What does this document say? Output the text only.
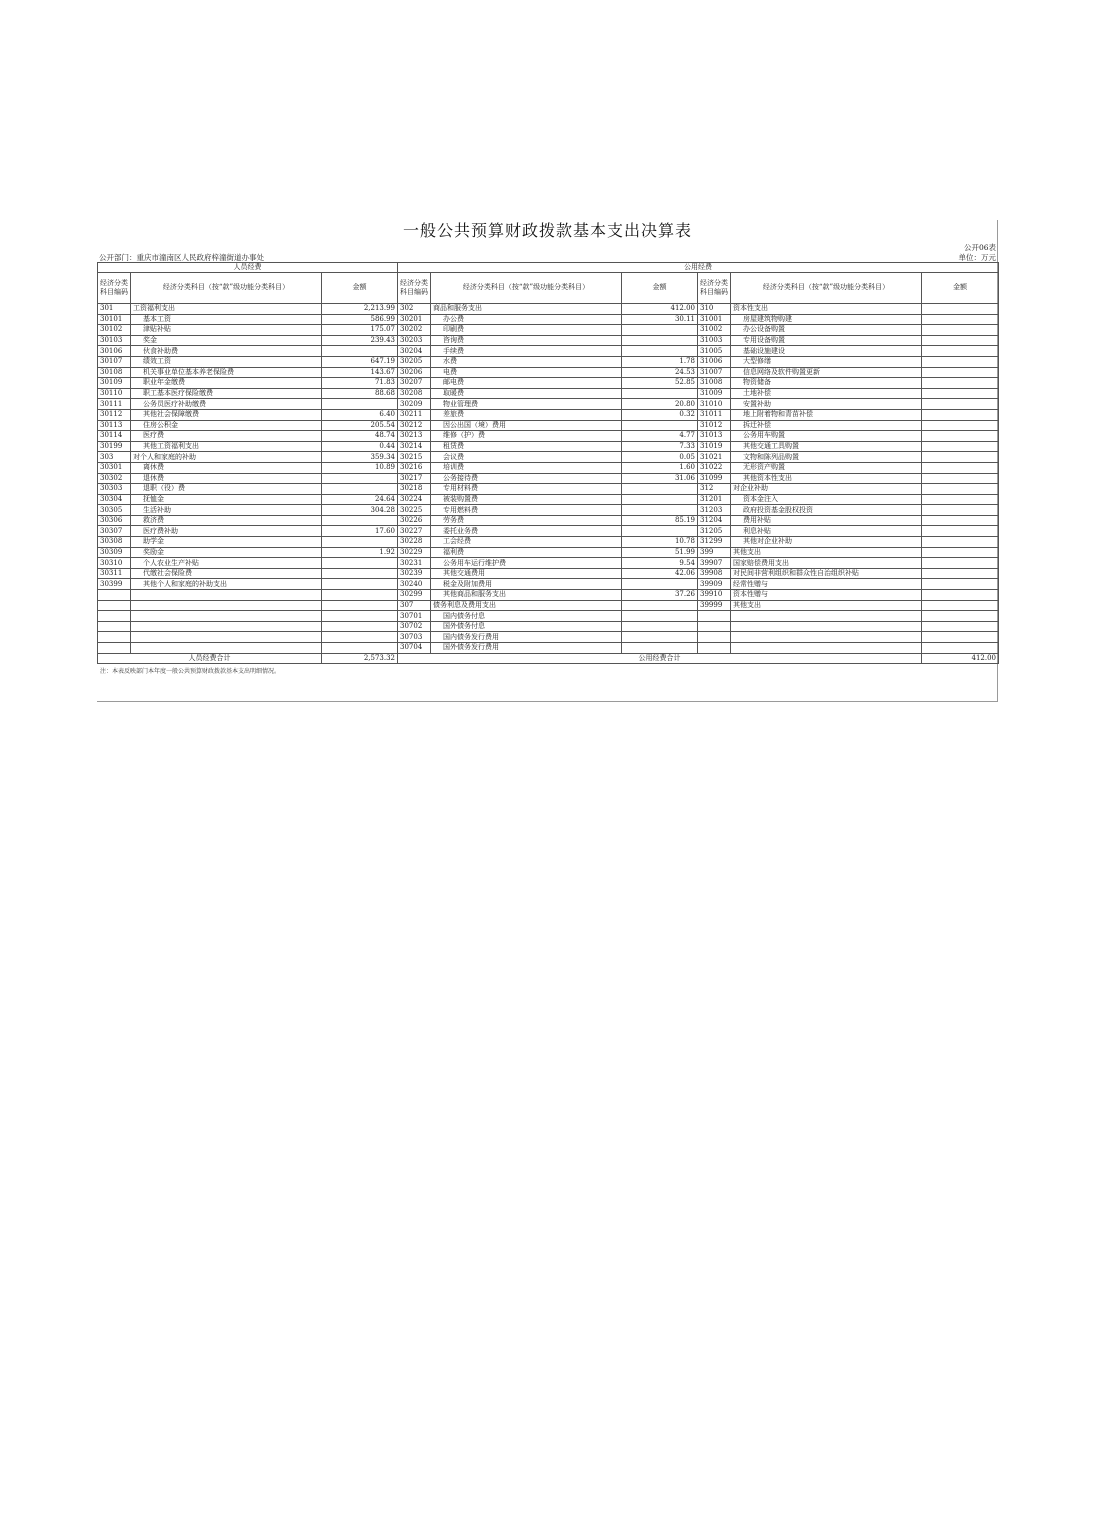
一般公共预算财政拨款基本支出决算表
公开06表
公开部门：重庆市潼南区人民政府梓潼街道办事处	单位：万元
人员经费			公用经费					
经济分类科目编码	经济分类科目（按“款”级功能分类科目）	金额	经济分类科目编码	经济分类科目（按“款”级功能分类科目）	金额	经济分类科目编码	经济分类科目（按“款”级功能分类科目）	金额
301	工资福利支出	2,213.99	302	商品和服务支出	412.00	310	资本性支出	
30101	基本工资	586.99	30201	办公费	30.11	31001	房屋建筑物购建	
30102	津贴补贴	175.07	30202	印刷费		31002	办公设备购置	
30103	奖金	239.43	30203	咨询费		31003	专用设备购置	
30106	伙食补助费		30204	手续费		31005	基础设施建设	
30107	绩效工资	647.19	30205	水费	1.78	31006	大型修缮	
30108	机关事业单位基本养老保险费	143.67	30206	电费	24.53	31007	信息网络及软件购置更新	
30109	职业年金缴费	71.83	30207	邮电费	52.85	31008	物资储备	
30110	职工基本医疗保险缴费	88.68	30208	取暖费		31009	土地补偿	
30111	公务员医疗补助缴费		30209	物业管理费	20.80	31010	安置补助	
30112	其他社会保障缴费	6.40	30211	差旅费	0.32	31011	地上附着物和青苗补偿	
30113	住房公积金	205.54	30212	因公出国（境）费用		31012	拆迁补偿	
30114	医疗费	48.74	30213	维修（护）费	4.77	31013	公务用车购置	
30199	其他工资福利支出	0.44	30214	租赁费	7.33	31019	其他交通工具购置	
303	对个人和家庭的补助	359.34	30215	会议费	0.05	31021	文物和陈列品购置	
30301	离休费	10.89	30216	培训费	1.60	31022	无形资产购置	
30302	退休费		30217	公务接待费	31.06	31099	其他资本性支出	
30303	退职（役）费		30218	专用材料费		312	对企业补助	
30304	抚恤金	24.64	30224	被装购置费		31201	资本金注入	
30305	生活补助	304.28	30225	专用燃料费		31203	政府投资基金股权投资	
30306	救济费		30226	劳务费	85.19	31204	费用补贴	
30307	医疗费补助	17.60	30227	委托业务费		31205	利息补贴	
30308	助学金		30228	工会经费	10.78	31299	其他对企业补助	
30309	奖励金	1.92	30229	福利费	51.99	399	其他支出	
30310	个人农业生产补贴		30231	公务用车运行维护费	9.54	39907	国家赔偿费用支出	
30311	代缴社会保险费		30239	其他交通费用	42.06	39908	对民间非营利组织和群众性自治组织补贴	
30399	其他个人和家庭的补助支出		30240	税金及附加费用		39909	经常性赠与	
			30299	其他商品和服务支出	37.26	39910	资本性赠与	
			307	债务利息及费用支出		39999	其他支出	
			30701	国内债务付息				
			30702	国外债务付息				
			30703	国内债务发行费用				
			30704	国外债务发行费用				
人员经费合计		2,573.32	公用经费合计					412.00
注：本表反映部门本年度一般公共预算财政拨款基本支出明细情况。
